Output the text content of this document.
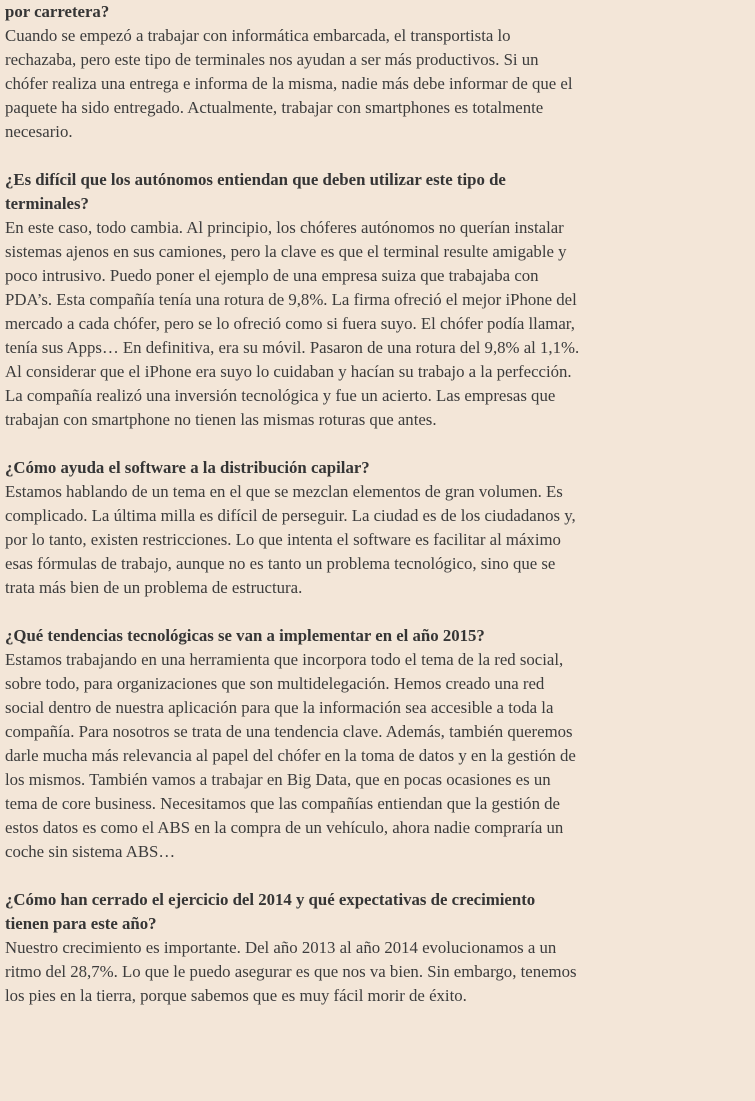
por carretera?
Cuando se empezó a trabajar con informática embarcada, el transportista lo rechazaba, pero este tipo de terminales nos ayudan a ser más productivos. Si un chófer realiza una entrega e informa de la misma, nadie más debe informar de que el paquete ha sido entregado. Actualmente, trabajar con smartphones es totalmente necesario.
¿Es difícil que los autónomos entiendan que deben utilizar este tipo de terminales?
En este caso, todo cambia. Al principio, los chóferes autónomos no querían instalar sistemas ajenos en sus camiones, pero la clave es que el terminal resulte amigable y poco intrusivo. Puedo poner el ejemplo de una empresa suiza que trabajaba con PDA’s. Esta compañía tenía una rotura de 9,8%. La firma ofreció el mejor iPhone del mercado a cada chófer, pero se lo ofreció como si fuera suyo. El chófer podía llamar, tenía sus Apps… En definitiva, era su móvil. Pasaron de una rotura del 9,8% al 1,1%. Al considerar que el iPhone era suyo lo cuidaban y hacían su trabajo a la perfección. La compañía realizó una inversión tecnológica y fue un acierto. Las empresas que trabajan con smartphone no tienen las mismas roturas que antes.
¿Cómo ayuda el software a la distribución capilar?
Estamos hablando de un tema en el que se mezclan elementos de gran volumen. Es complicado. La última milla es difícil de perseguir. La ciudad es de los ciudadanos y, por lo tanto, existen restricciones. Lo que intenta el software es facilitar al máximo esas fórmulas de trabajo, aunque no es tanto un problema tecnológico, sino que se trata más bien de un problema de estructura.
¿Qué tendencias tecnológicas se van a implementar en el año 2015?
Estamos trabajando en una herramienta que incorpora todo el tema de la red social, sobre todo, para organizaciones que son multidelegación. Hemos creado una red social dentro de nuestra aplicación para que la información sea accesible a toda la compañía. Para nosotros se trata de una tendencia clave. Además, también queremos darle mucha más relevancia al papel del chófer en la toma de datos y en la gestión de los mismos. También vamos a trabajar en Big Data, que en pocas ocasiones es un tema de core business. Necesitamos que las compañías entiendan que la gestión de estos datos es como el ABS en la compra de un vehículo, ahora nadie compraría un coche sin sistema ABS…
¿Cómo han cerrado el ejercicio del 2014 y qué expectativas de crecimiento tienen para este año?
Nuestro crecimiento es importante. Del año 2013 al año 2014 evolucionamos a un ritmo del 28,7%. Lo que le puedo asegurar es que nos va bien. Sin embargo, tenemos los pies en la tierra, porque sabemos que es muy fácil morir de éxito.
